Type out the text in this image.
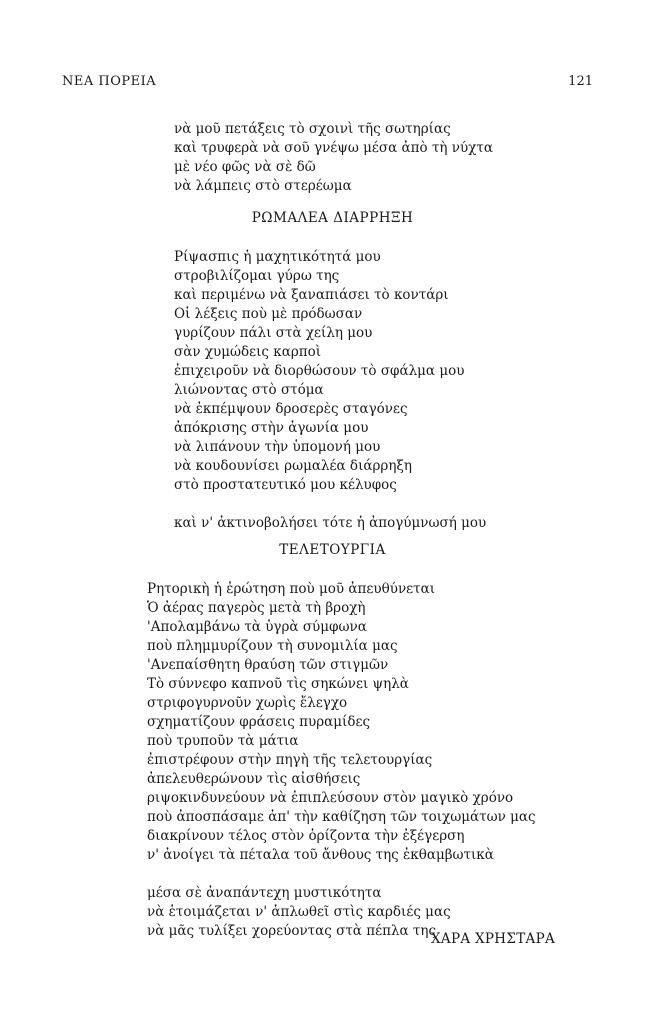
ΝΕΑ ΠΟΡΕΙΑ	121
νὰ μοῦ πετάξεις τὸ σχοινὶ τῆς σωτηρίας
καὶ τρυφερὰ νὰ σοῦ γνέψω μέσα ἀπὸ τὴ νύχτα
μὲ νέο φῶς νὰ σὲ δῶ
νὰ λάμπεις στὸ στερέωμα
ΡΩΜΑΛΕΑ ΔΙΑΡΡΗΞΗ
Ρίψασπις ἡ μαχητικότητά μου
στροβιλίζομαι γύρω της
καὶ περιμένω νὰ ξαναπιάσει τὸ κοντάρι
Οἱ λέξεις ποὺ μὲ πρόδωσαν
γυρίζουν πάλι στὰ χείλη μου
σὰν χυμώδεις καρποὶ
ἐπιχειροῦν νὰ διορθώσουν τὸ σφάλμα μου
λιώνοντας στὸ στόμα
νὰ ἐκπέμψουν δροσερὲς σταγόνες
ἀπόκρισης στὴν ἀγωνία μου
νὰ λιπάνουν τὴν ὑπομονή μου
νὰ κουδουνίσει ρωμαλέα διάρρηξη
στὸ προστατευτικό μου κέλυφος
καὶ ν' ἀκτινοβολήσει τότε ἡ ἀπογύμνωσή μου
ΤΕΛΕΤΟΥΡΓΙΑ
Ρητορικὴ ἡ ἐρώτηση ποὺ μοῦ ἀπευθύνεται
Ὁ ἀέρας παγερὸς μετὰ τὴ βροχὴ
'Απολαμβάνω τὰ ὑγρὰ σύμφωνα
ποὺ πλημμυρίζουν τὴ συνομιλία μας
'Ανεπαίσθητη θραύση τῶν στιγμῶν
Τὸ σύννεφο καπνοῦ τὶς σηκώνει ψηλὰ
στριφογυρνοῦν χωρὶς ἔλεγχο
σχηματίζουν φράσεις πυραμίδες
ποὺ τρυποῦν τὰ μάτια
ἐπιστρέφουν στὴν πηγὴ τῆς τελετουργίας
ἀπελευθερώνουν τὶς αἰσθήσεις
ριψοκινδυνεύουν νὰ ἐπιπλεύσουν στὸν μαγικὸ χρόνο
ποὺ ἀποσπάσαμε ἀπ' τὴν καθίζηση τῶν τοιχωμάτων μας
διακρίνουν τέλος στὸν ὁρίζοντα τὴν ἐξέγερση
ν' ἀνοίγει τὰ πέταλα τοῦ ἄνθους της ἐκθαμβωτικὰ
μέσα σὲ ἀναπάντεχη μυστικότητα
νὰ ἑτοιμάζεται ν' ἁπλωθεῖ στὶς καρδιές μας
νὰ μᾶς τυλίξει χορεύοντας στὰ πέπλα της
ΧΑΡΑ ΧΡΗΣΤΑΡΑ
